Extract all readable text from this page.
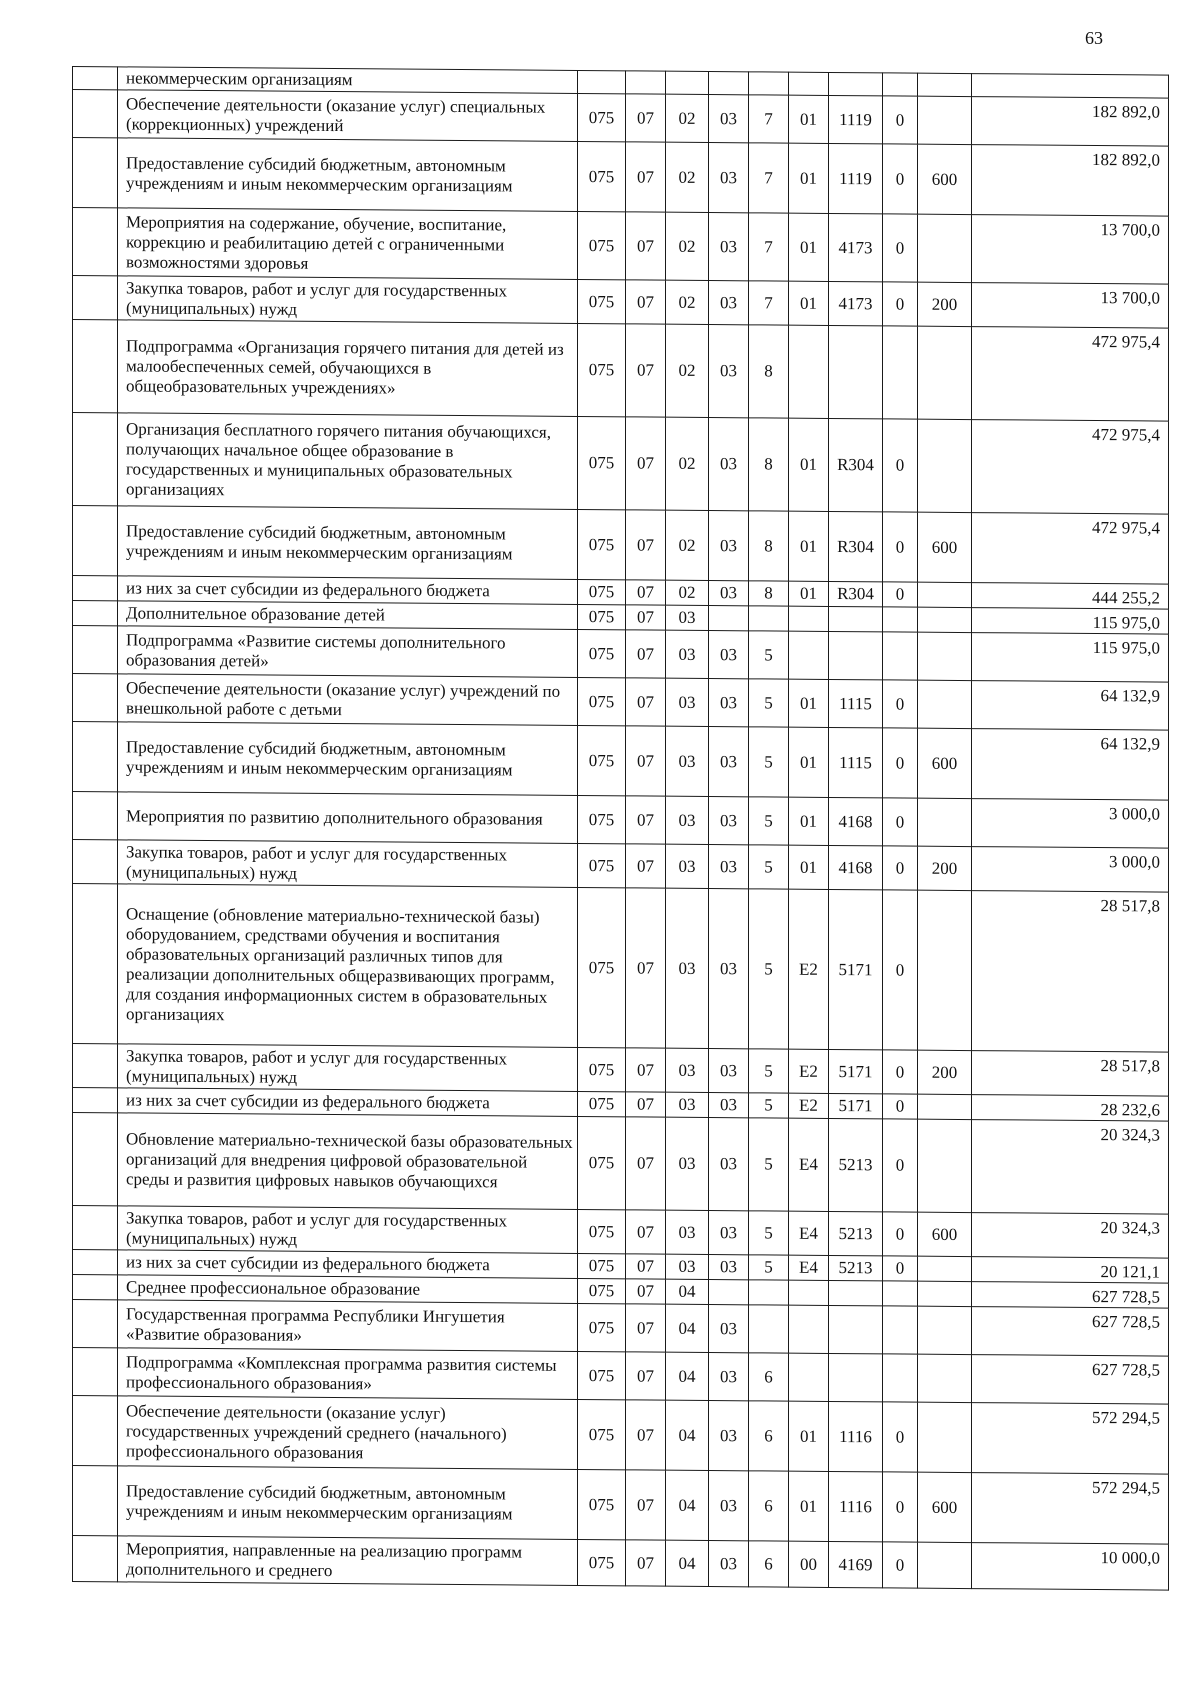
63
	некоммерческим организациям										
	Обеспечение деятельности (оказание услуг) специальных (коррекционных) учреждений	075	07	02	03	7	01	1119	0		182 892,0
	Предоставление субсидий бюджетным, автономным учреждениям и иным некоммерческим организациям	075	07	02	03	7	01	1119	0	600	182 892,0
	Мероприятия на содержание, обучение, воспитание, коррекцию и реабилитацию детей с ограниченными возможностями здоровья	075	07	02	03	7	01	4173	0		13 700,0
	Закупка товаров, работ и услуг для государственных (муниципальных) нужд	075	07	02	03	7	01	4173	0	200	13 700,0
	Подпрограмма «Организация горячего питания для детей из малообеспеченных семей, обучающихся в общеобразовательных учреждениях»	075	07	02	03	8					472 975,4
	Организация бесплатного горячего питания обучающихся, получающих начальное общее образование в государственных и муниципальных образовательных организациях	075	07	02	03	8	01	R304	0		472 975,4
	Предоставление субсидий бюджетным, автономным учреждениям и иным некоммерческим организациям	075	07	02	03	8	01	R304	0	600	472 975,4
	из них за счет субсидии из федерального бюджета	075	07	02	03	8	01	R304	0		444 255,2
	Дополнительное образование детей	075	07	03							115 975,0
	Подпрограмма «Развитие системы дополнительного образования детей»	075	07	03	03	5					115 975,0
	Обеспечение деятельности (оказание услуг) учреждений по внешкольной работе с детьми	075	07	03	03	5	01	1115	0		64 132,9
	Предоставление субсидий бюджетным, автономным учреждениям и иным некоммерческим организациям	075	07	03	03	5	01	1115	0	600	64 132,9
	Мероприятия по развитию дополнительного образования	075	07	03	03	5	01	4168	0		3 000,0
	Закупка товаров, работ и услуг для государственных (муниципальных) нужд	075	07	03	03	5	01	4168	0	200	3 000,0
	Оснащение (обновление материально-технической базы) оборудованием, средствами обучения и воспитания образовательных организаций различных типов для реализации дополнительных общеразвивающих программ, для создания информационных систем в образовательных организациях	075	07	03	03	5	E2	5171	0		28 517,8
	Закупка товаров, работ и услуг для государственных (муниципальных) нужд	075	07	03	03	5	E2	5171	0	200	28 517,8
	из них за счет субсидии из федерального бюджета	075	07	03	03	5	E2	5171	0		28 232,6
	Обновление материально-технической базы образовательных организаций для внедрения цифровой образовательной среды и развития цифровых навыков обучающихся	075	07	03	03	5	E4	5213	0		20 324,3
	Закупка товаров, работ и услуг для государственных (муниципальных) нужд	075	07	03	03	5	E4	5213	0	600	20 324,3
	из них за счет субсидии из федерального бюджета	075	07	03	03	5	E4	5213	0		20 121,1
	Среднее профессиональное образование	075	07	04							627 728,5
	Государственная программа Республики Ингушетия «Развитие образования»	075	07	04	03						627 728,5
	Подпрограмма «Комплексная программа развития системы профессионального образования»	075	07	04	03	6					627 728,5
	Обеспечение деятельности (оказание услуг) государственных учреждений среднего (начального) профессионального образования	075	07	04	03	6	01	1116	0		572 294,5
	Предоставление субсидий бюджетным, автономным учреждениям и иным некоммерческим организациям	075	07	04	03	6	01	1116	0	600	572 294,5
	Мероприятия, направленные на реализацию программ дополнительного и среднего	075	07	04	03	6	00	4169	0		10 000,0
